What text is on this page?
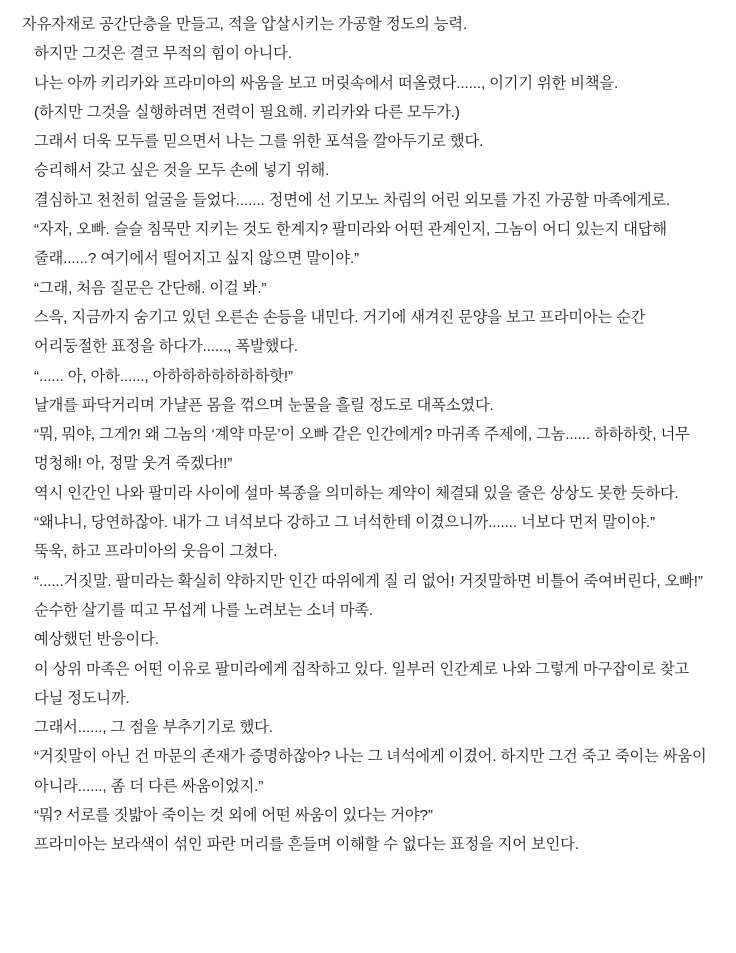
자유자재로 공간단층을 만들고, 적을 압살시키는 가공할 정도의 능력.

하지만 그것은 결코 무적의 힘이 아니다.

나는 아까 키리카와 프라미아의 싸움을 보고 머릿속에서 떠올렸다......, 이기기 위한 비책을.

(하지만 그것을 실행하려면 전력이 필요해. 키리카와 다른 모두가.)

그래서 더욱 모두를 믿으면서 나는 그를 위한 포석을 깔아두기로 했다.

승리해서 갖고 싶은 것을 모두 손에 넣기 위해.

결심하고 천천히 얼굴을 들었다....... 정면에 선 기모노 차림의 어린 외모를 가진 가공할 마족에게로.

“자자, 오빠. 슬슬 침묵만 지키는 것도 한계지? 팔미라와 어떤 관계인지, 그놈이 어디 있는지 대답해 줄래......? 여기에서 떨어지고 싶지 않으면 말이야.”

“그래, 처음 질문은 간단해. 이걸 봐.”

스윽, 지금까지 숨기고 있던 오른손 손등을 내민다. 거기에 새겨진 문양을 보고 프라미아는 순간 어리둥절한 표정을 하다가......, 폭발했다.

“...... 아, 아하......, 아하하하하하하하핫!”

날개를 파닥거리며 가냘픈 몸을 꺾으며 눈물을 흘릴 정도로 대폭소였다.

“뭐, 뭐야, 그게?! 왜 그놈의 ‘계약 마문’이 오빠 같은 인간에게? 마귀족 주제에, 그놈...... 하하하핫, 너무 멍청해! 아, 정말 웃겨 죽겠다!!”

역시 인간인 나와 팔미라 사이에 설마 복종을 의미하는 계약이 체결돼 있을 줄은 상상도 못한 듯하다.

“왜냐니, 당연하잖아. 내가 그 녀석보다 강하고 그 녀석한테 이겼으니까....... 너보다 먼저 말이야.”

뚝욱, 하고 프라미아의 웃음이 그쳤다.

“......거짓말. 팔미라는 확실히 약하지만 인간 따위에게 질 리 없어! 거짓말하면 비틀어 죽여버린다, 오빠!”

순수한 살기를 띠고 무섭게 나를 노려보는 소녀 마족.

예상했던 반응이다.

이 상위 마족은 어떤 이유로 팔미라에게 집착하고 있다. 일부러 인간계로 나와 그렇게 마구잡이로 찾고 다닐 정도니까.

그래서......, 그 점을 부추기기로 했다.

“거짓말이 아닌 건 마문의 존재가 증명하잖아? 나는 그 녀석에게 이겼어. 하지만 그건 죽고 죽이는 싸움이 아니라......, 좀 더 다른 싸움이었지.”

“뭐? 서로를 짓밟아 죽이는 것 외에 어떤 싸움이 있다는 거야?”

프라미아는 보라색이 섞인 파란 머리를 흔들며 이해할 수 없다는 표정을 지어 보인다.
